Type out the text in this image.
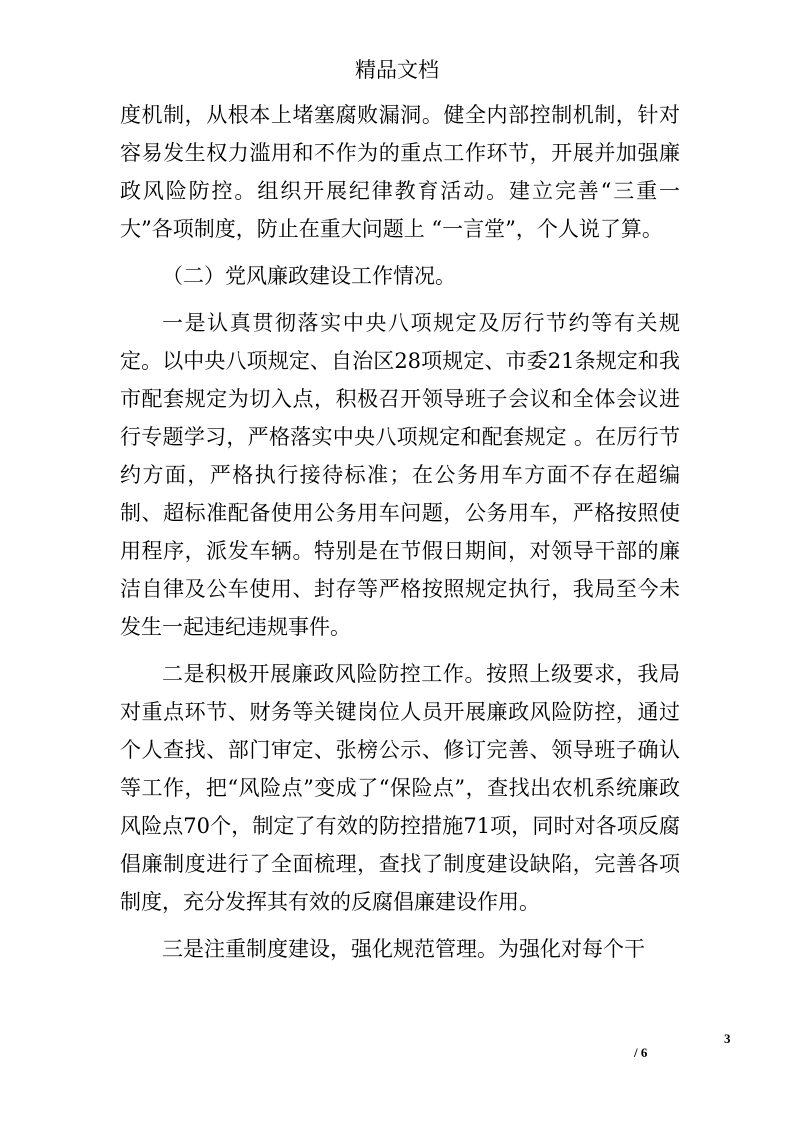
精品文档

度机制，从根本上堵塞腐败漏洞。健全内部控制机制，针对容易发生权力滥用和不作为的重点工作环节，开展并加强廉政风险防控。组织开展纪律教育活动。建立完善“三重一大”各项制度，防止在重大问题上 “一言堂”，个人说了算。

（二）党风廉政建设工作情况。

一是认真贯彻落实中央八项规定及厉行节约等有关规定。以中央八项规定、自治区28项规定、市委21条规定和我市配套规定为切入点，积极召开领导班子会议和全体会议进行专题学习，严格落实中央八项规定和配套规定 。在厉行节约方面，严格执行接待标准；在公务用车方面不存在超编制、超标准配备使用公务用车问题，公务用车，严格按照使用程序，派发车辆。特别是在节假日期间，对领导干部的廉洁自律及公车使用、封存等严格按照规定执行，我局至今未发生一起违纪违规事件。

二是积极开展廉政风险防控工作。按照上级要求，我局对重点环节、财务等关键岗位人员开展廉政风险防控，通过个人查找、部门审定、张榜公示、修订完善、领导班子确认等工作，把“风险点”变成了“保险点”，查找出农机系统廉政风险点70个，制定了有效的防控措施71项，同时对各项反腐倡廉制度进行了全面梳理，查找了制度建设缺陷，完善各项制度，充分发挥其有效的反腐倡廉建设作用。

三是注重制度建设，强化规范管理。为强化对每个干

3
/ 6
